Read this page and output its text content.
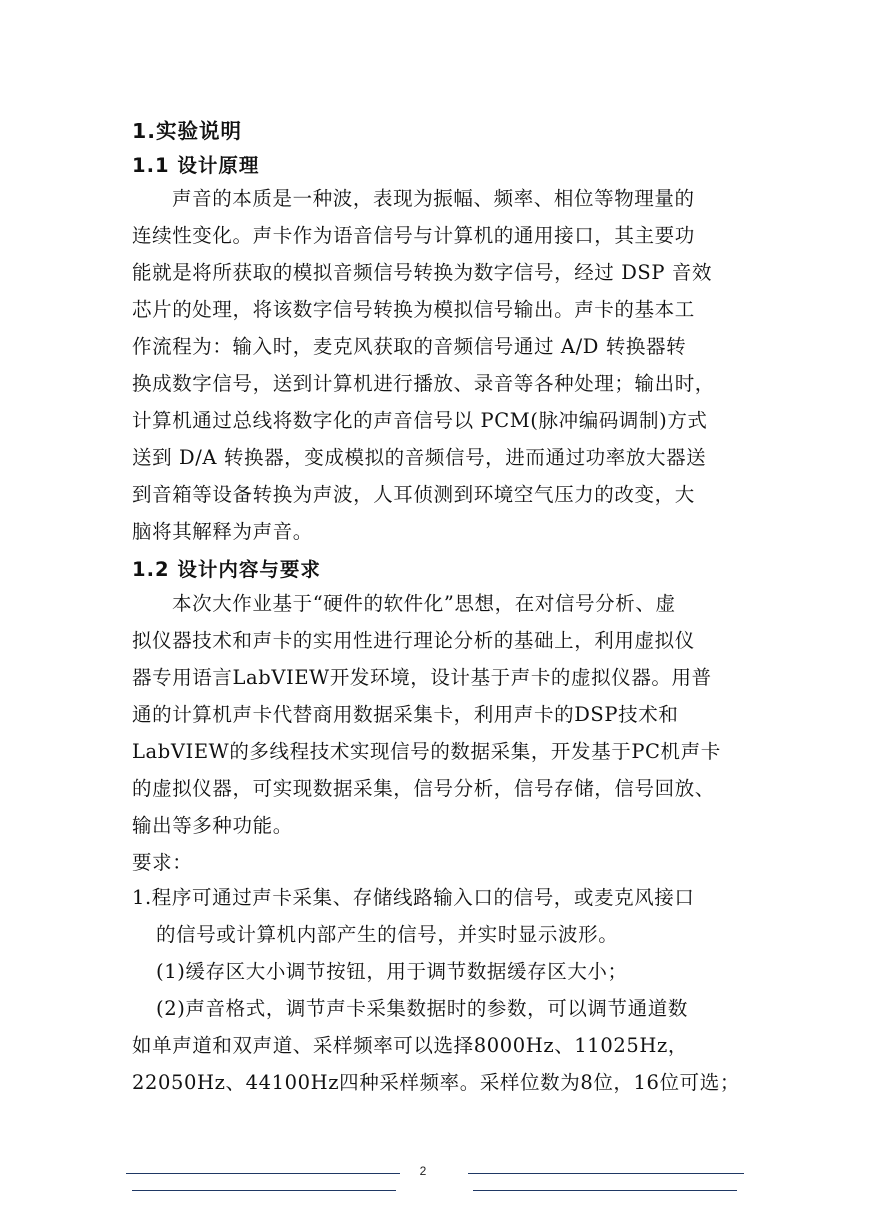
1.实验说明
1.1 设计原理
声音的本质是一种波，表现为振幅、频率、相位等物理量的
连续性变化。声卡作为语音信号与计算机的通用接口，其主要功
能就是将所获取的模拟音频信号转换为数字信号，经过 DSP 音效
芯片的处理，将该数字信号转换为模拟信号输出。声卡的基本工
作流程为：输入时，麦克风获取的音频信号通过 A/D 转换器转
换成数字信号，送到计算机进行播放、录音等各种处理；输出时，
计算机通过总线将数字化的声音信号以 PCM(脉冲编码调制)方式
送到 D/A 转换器，变成模拟的音频信号，进而通过功率放大器送
到音箱等设备转换为声波，人耳侦测到环境空气压力的改变，大
脑将其解释为声音。
1.2 设计内容与要求
本次大作业基于“硬件的软件化”思想，在对信号分析、虚
拟仪器技术和声卡的实用性进行理论分析的基础上，利用虚拟仪
器专用语言LabVIEW开发环境，设计基于声卡的虚拟仪器。用普
通的计算机声卡代替商用数据采集卡，利用声卡的DSP技术和
LabVIEW的多线程技术实现信号的数据采集，开发基于PC机声卡
的虚拟仪器，可实现数据采集，信号分析，信号存储，信号回放、
输出等多种功能。
要求：
1.程序可通过声卡采集、存储线路输入口的信号，或麦克风接口
的信号或计算机内部产生的信号，并实时显示波形。
(1)缓存区大小调节按钮，用于调节数据缓存区大小；
(2)声音格式，调节声卡采集数据时的参数，可以调节通道数
如单声道和双声道、采样频率可以选择8000Hz、11025Hz，
22050Hz、44100Hz四种采样频率。采样位数为8位，16位可选；
2
